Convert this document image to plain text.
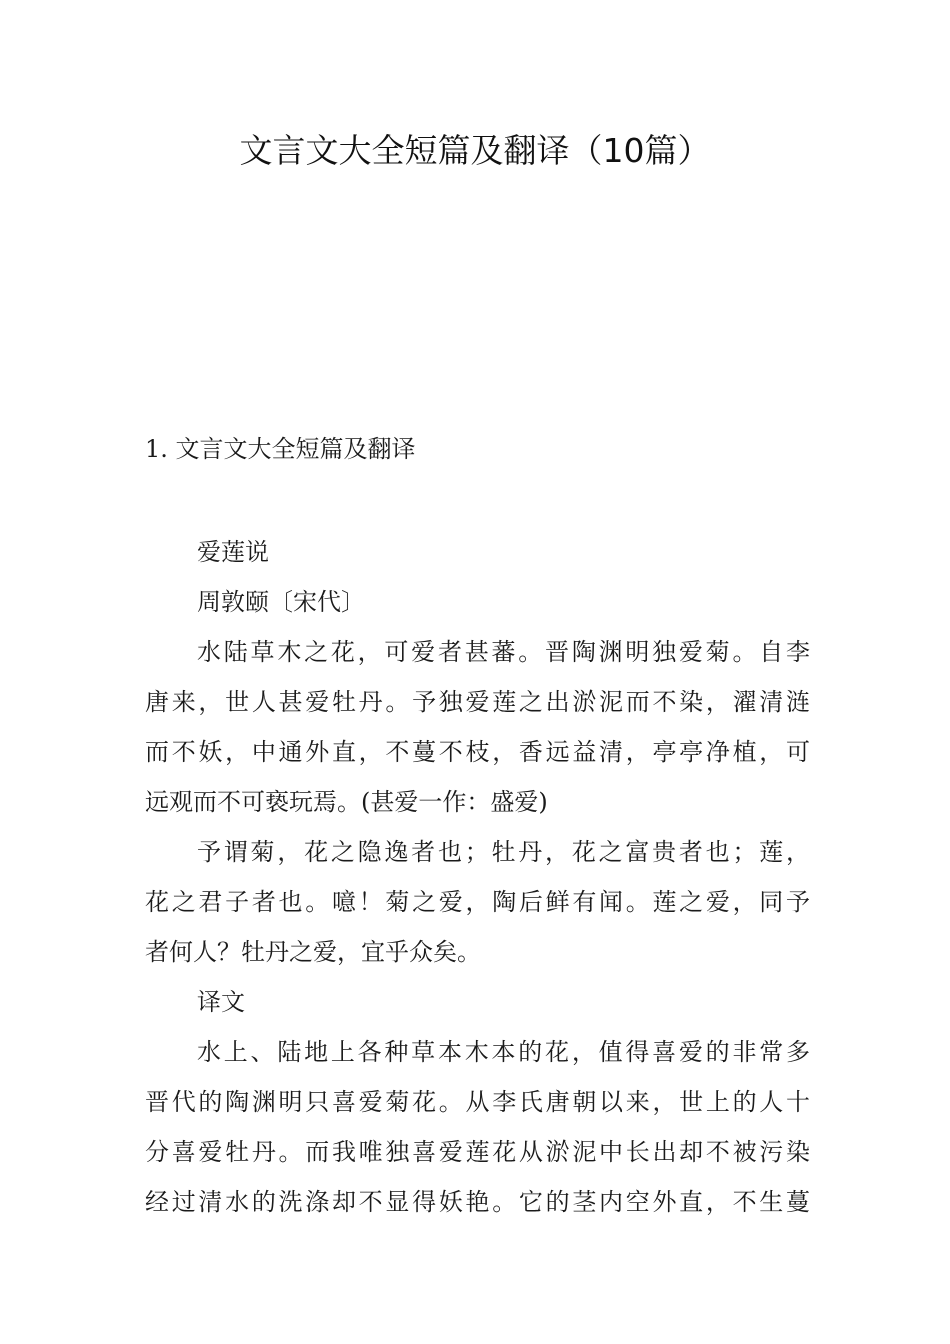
文言文大全短篇及翻译（10篇）
1. 文言文大全短篇及翻译
爱莲说
周敦颐〔宋代〕
水陆草木之花，可爱者甚蕃。晋陶渊明独爱菊。自李
唐来，世人甚爱牡丹。予独爱莲之出淤泥而不染，濯清涟
而不妖，中通外直，不蔓不枝，香远益清，亭亭净植，可
远观而不可亵玩焉。(甚爱一作：盛爱)
予谓菊，花之隐逸者也；牡丹，花之富贵者也；莲，
花之君子者也。噫！菊之爱，陶后鲜有闻。莲之爱，同予
者何人？牡丹之爱，宜乎众矣。
译文
水上、陆地上各种草本木本的花，值得喜爱的非常多
晋代的陶渊明只喜爱菊花。从李氏唐朝以来，世上的人十
分喜爱牡丹。而我唯独喜爱莲花从淤泥中长出却不被污染
经过清水的洗涤却不显得妖艳。它的茎内空外直，不生蔓
